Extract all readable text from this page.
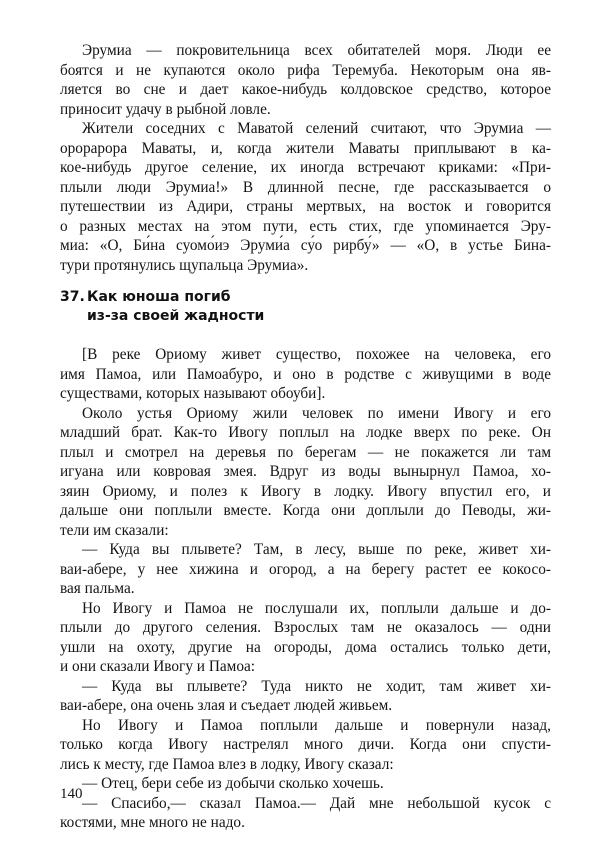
Эрумиа — покровительница всех обитателей моря. Люди ее
боятся и не купаются около рифа Теремуба. Некоторым она яв-
ляется во сне и дает какое-нибудь колдовское средство, которое
приносит удачу в рыбной ловле.
Жители соседних с Маватой селений считают, что Эрумиа —
орорарора Маваты, и, когда жители Маваты приплывают в ка-
кое-нибудь другое селение, их иногда встречают криками: «При-
плыли люди Эрумиа!» В длинной песне, где рассказывается о
путешествии из Адири, страны мертвых, на восток и говорится
о разных местах на этом пути, есть стих, где упоминается Эру-
миа: «О, Би́на суомо́иэ Эруми́а су́о рирбу́» — «О, в устье Бина-
тури протянулись щупальца Эрумиа».
37. Как юноша погиб
из-за своей жадности
[В реке Ориому живет существо, похожее на человека, его
имя Памоа, или Памоабуро, и оно в родстве с живущими в воде
существами, которых называют обоуби].
Около устья Ориому жили человек по имени Ивогу и его
младший брат. Как-то Ивогу поплыл на лодке вверх по реке. Он
плыл и смотрел на деревья по берегам — не покажется ли там
игуана или ковровая змея. Вдруг из воды вынырнул Памоа, хо-
зяин Ориому, и полез к Ивогу в лодку. Ивогу впустил его, и
дальше они поплыли вместе. Когда они доплыли до Певоды, жи-
тели им сказали:
— Куда вы плывете? Там, в лесу, выше по реке, живет хи-
ваи-абере, у нее хижина и огород, а на берегу растет ее кокосо-
вая пальма.
Но Ивогу и Памоа не послушали их, поплыли дальше и до-
плыли до другого селения. Взрослых там не оказалось — одни
ушли на охоту, другие на огороды, дома остались только дети,
и они сказали Ивогу и Памоа:
— Куда вы плывете? Туда никто не ходит, там живет хи-
ваи-абере, она очень злая и съедает людей живьем.
Но Ивогу и Памоа поплыли дальше и повернули назад,
только когда Ивогу настрелял много дичи. Когда они спусти-
лись к месту, где Памоа влез в лодку, Ивогу сказал:
— Отец, бери себе из добычи сколько хочешь.
— Спасибо,— сказал Памоа.— Дай мне небольшой кусок с
костями, мне много не надо.
140
